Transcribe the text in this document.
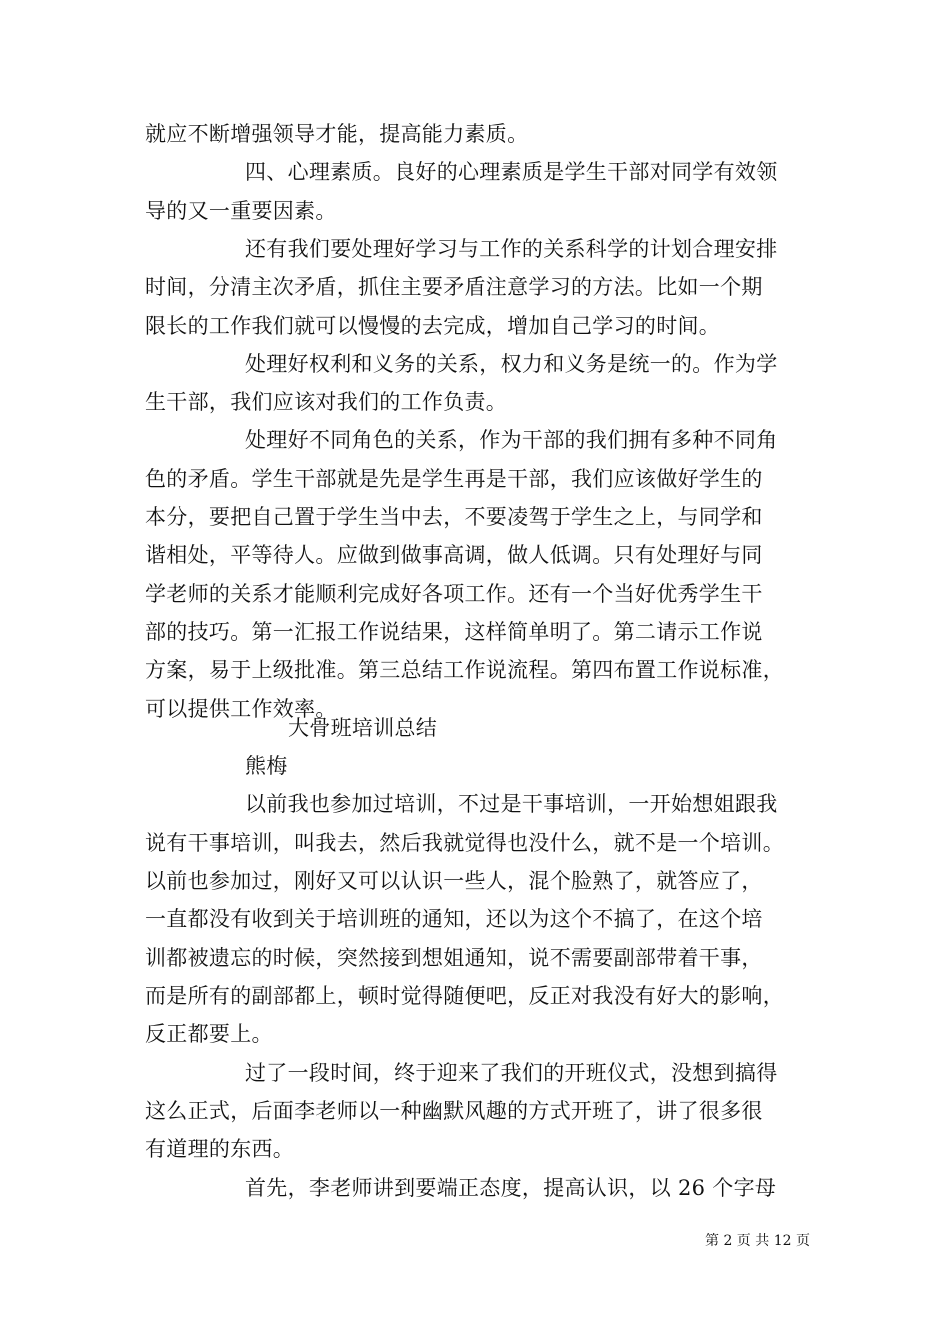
就应不断增强领导才能，提高能力素质。
四、心理素质。良好的心理素质是学生干部对同学有效领
导的又一重要因素。
还有我们要处理好学习与工作的关系科学的计划合理安排
时间，分清主次矛盾，抓住主要矛盾注意学习的方法。比如一个期
限长的工作我们就可以慢慢的去完成，增加自己学习的时间。
处理好权利和义务的关系，权力和义务是统一的。作为学
生干部，我们应该对我们的工作负责。
处理好不同角色的关系，作为干部的我们拥有多种不同角
色的矛盾。学生干部就是先是学生再是干部，我们应该做好学生的
本分，要把自己置于学生当中去，不要凌驾于学生之上，与同学和
谐相处，平等待人。应做到做事高调，做人低调。只有处理好与同
学老师的关系才能顺利完成好各项工作。还有一个当好优秀学生干
部的技巧。第一汇报工作说结果，这样简单明了。第二请示工作说
方案，易于上级批准。第三总结工作说流程。第四布置工作说标准，
可以提供工作效率。
大骨班培训总结
熊梅
以前我也参加过培训，不过是干事培训，一开始想姐跟我
说有干事培训，叫我去，然后我就觉得也没什么，就不是一个培训。
以前也参加过，刚好又可以认识一些人，混个脸熟了，就答应了，
一直都没有收到关于培训班的通知，还以为这个不搞了，在这个培
训都被遗忘的时候，突然接到想姐通知，说不需要副部带着干事，
而是所有的副部都上，顿时觉得随便吧，反正对我没有好大的影响，
反正都要上。
过了一段时间，终于迎来了我们的开班仪式，没想到搞得
这么正式，后面李老师以一种幽默风趣的方式开班了，讲了很多很
有道理的东西。
首先，李老师讲到要端正态度，提高认识，以 26 个字母
第 2 页 共 12 页
